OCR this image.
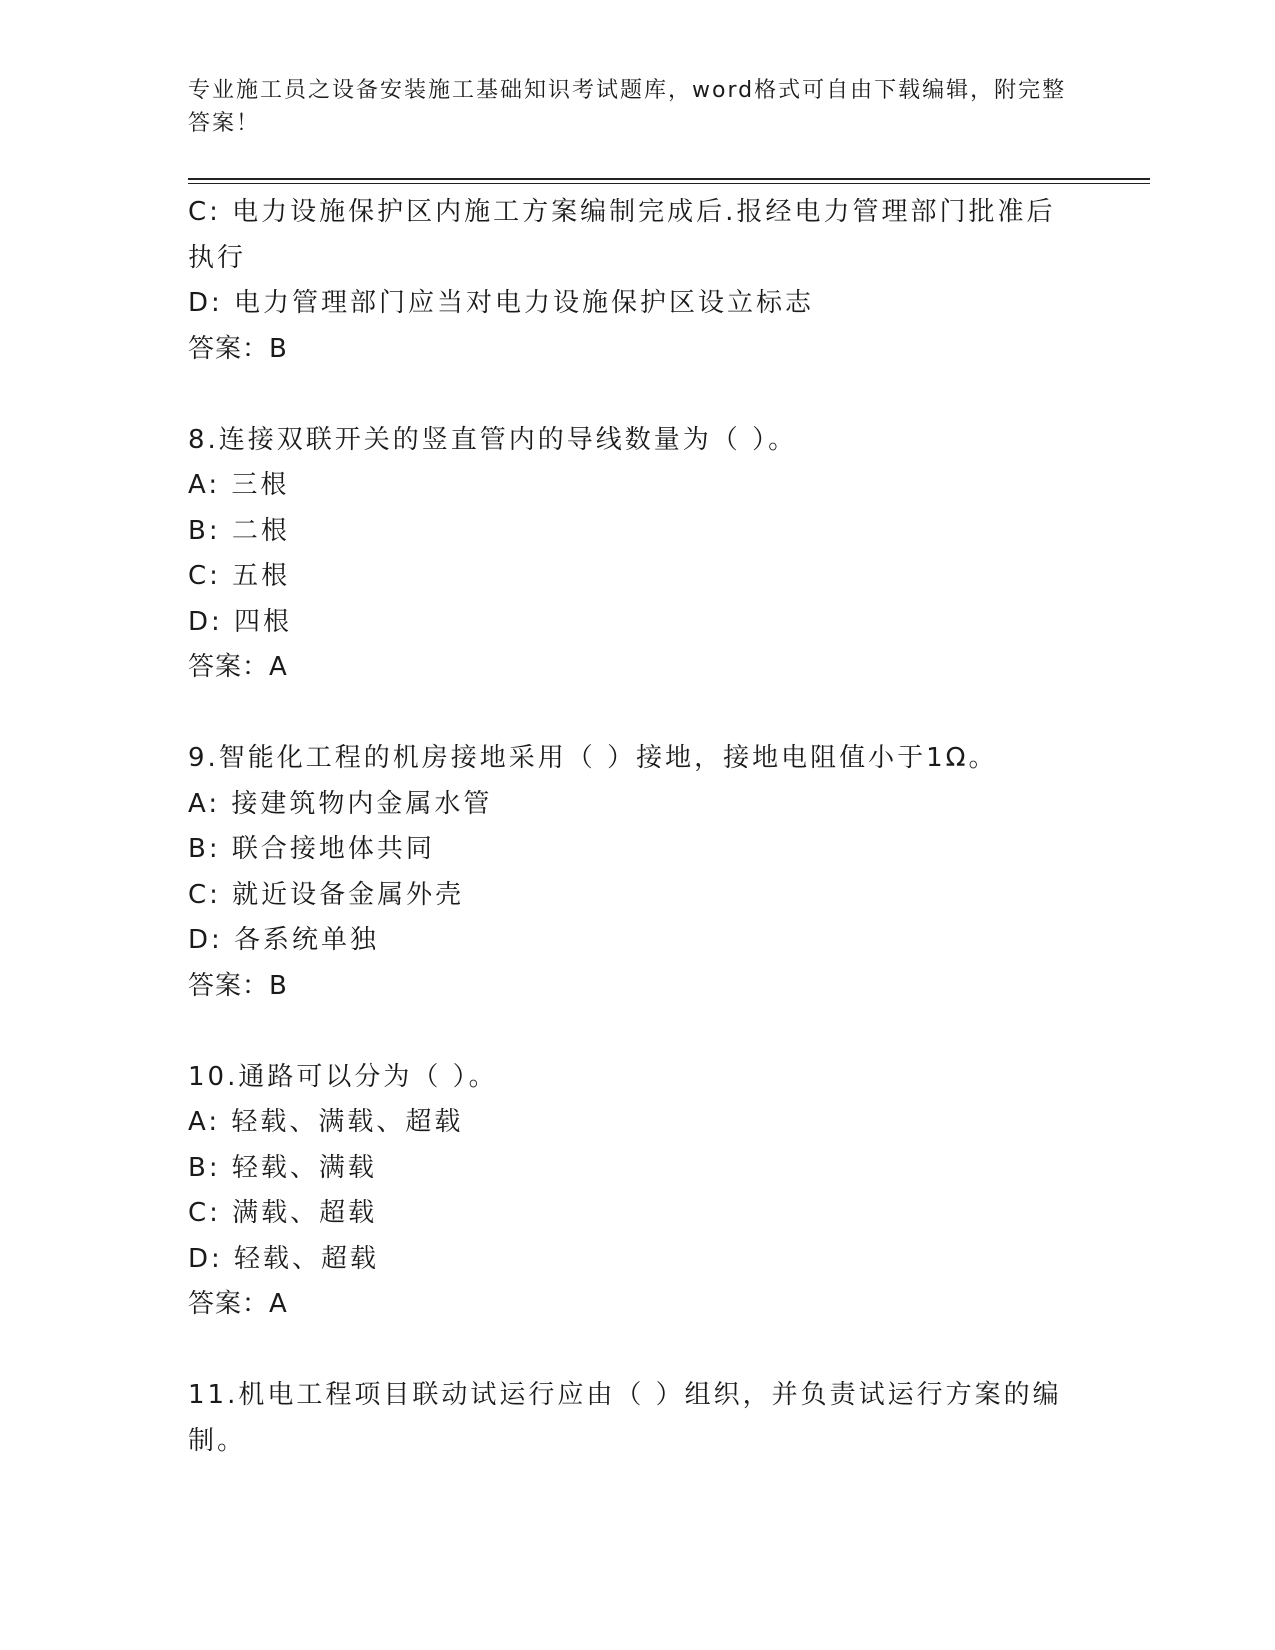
专业施工员之设备安装施工基础知识考试题库，word格式可自由下载编辑，附完整答案！
C: 电力设施保护区内施工方案编制完成后.报经电力管理部门批准后执行
D: 电力管理部门应当对电力设施保护区设立标志
答案：B
8.连接双联开关的竖直管内的导线数量为（ ）。
A: 三根
B: 二根
C: 五根
D: 四根
答案：A
9.智能化工程的机房接地采用（ ）接地，接地电阻值小于1Ω。
A: 接建筑物内金属水管
B: 联合接地体共同
C: 就近设备金属外壳
D: 各系统单独
答案：B
10.通路可以分为（ ）。
A: 轻载、满载、超载
B: 轻载、满载
C: 满载、超载
D: 轻载、超载
答案：A
11.机电工程项目联动试运行应由（ ）组织，并负责试运行方案的编制。
